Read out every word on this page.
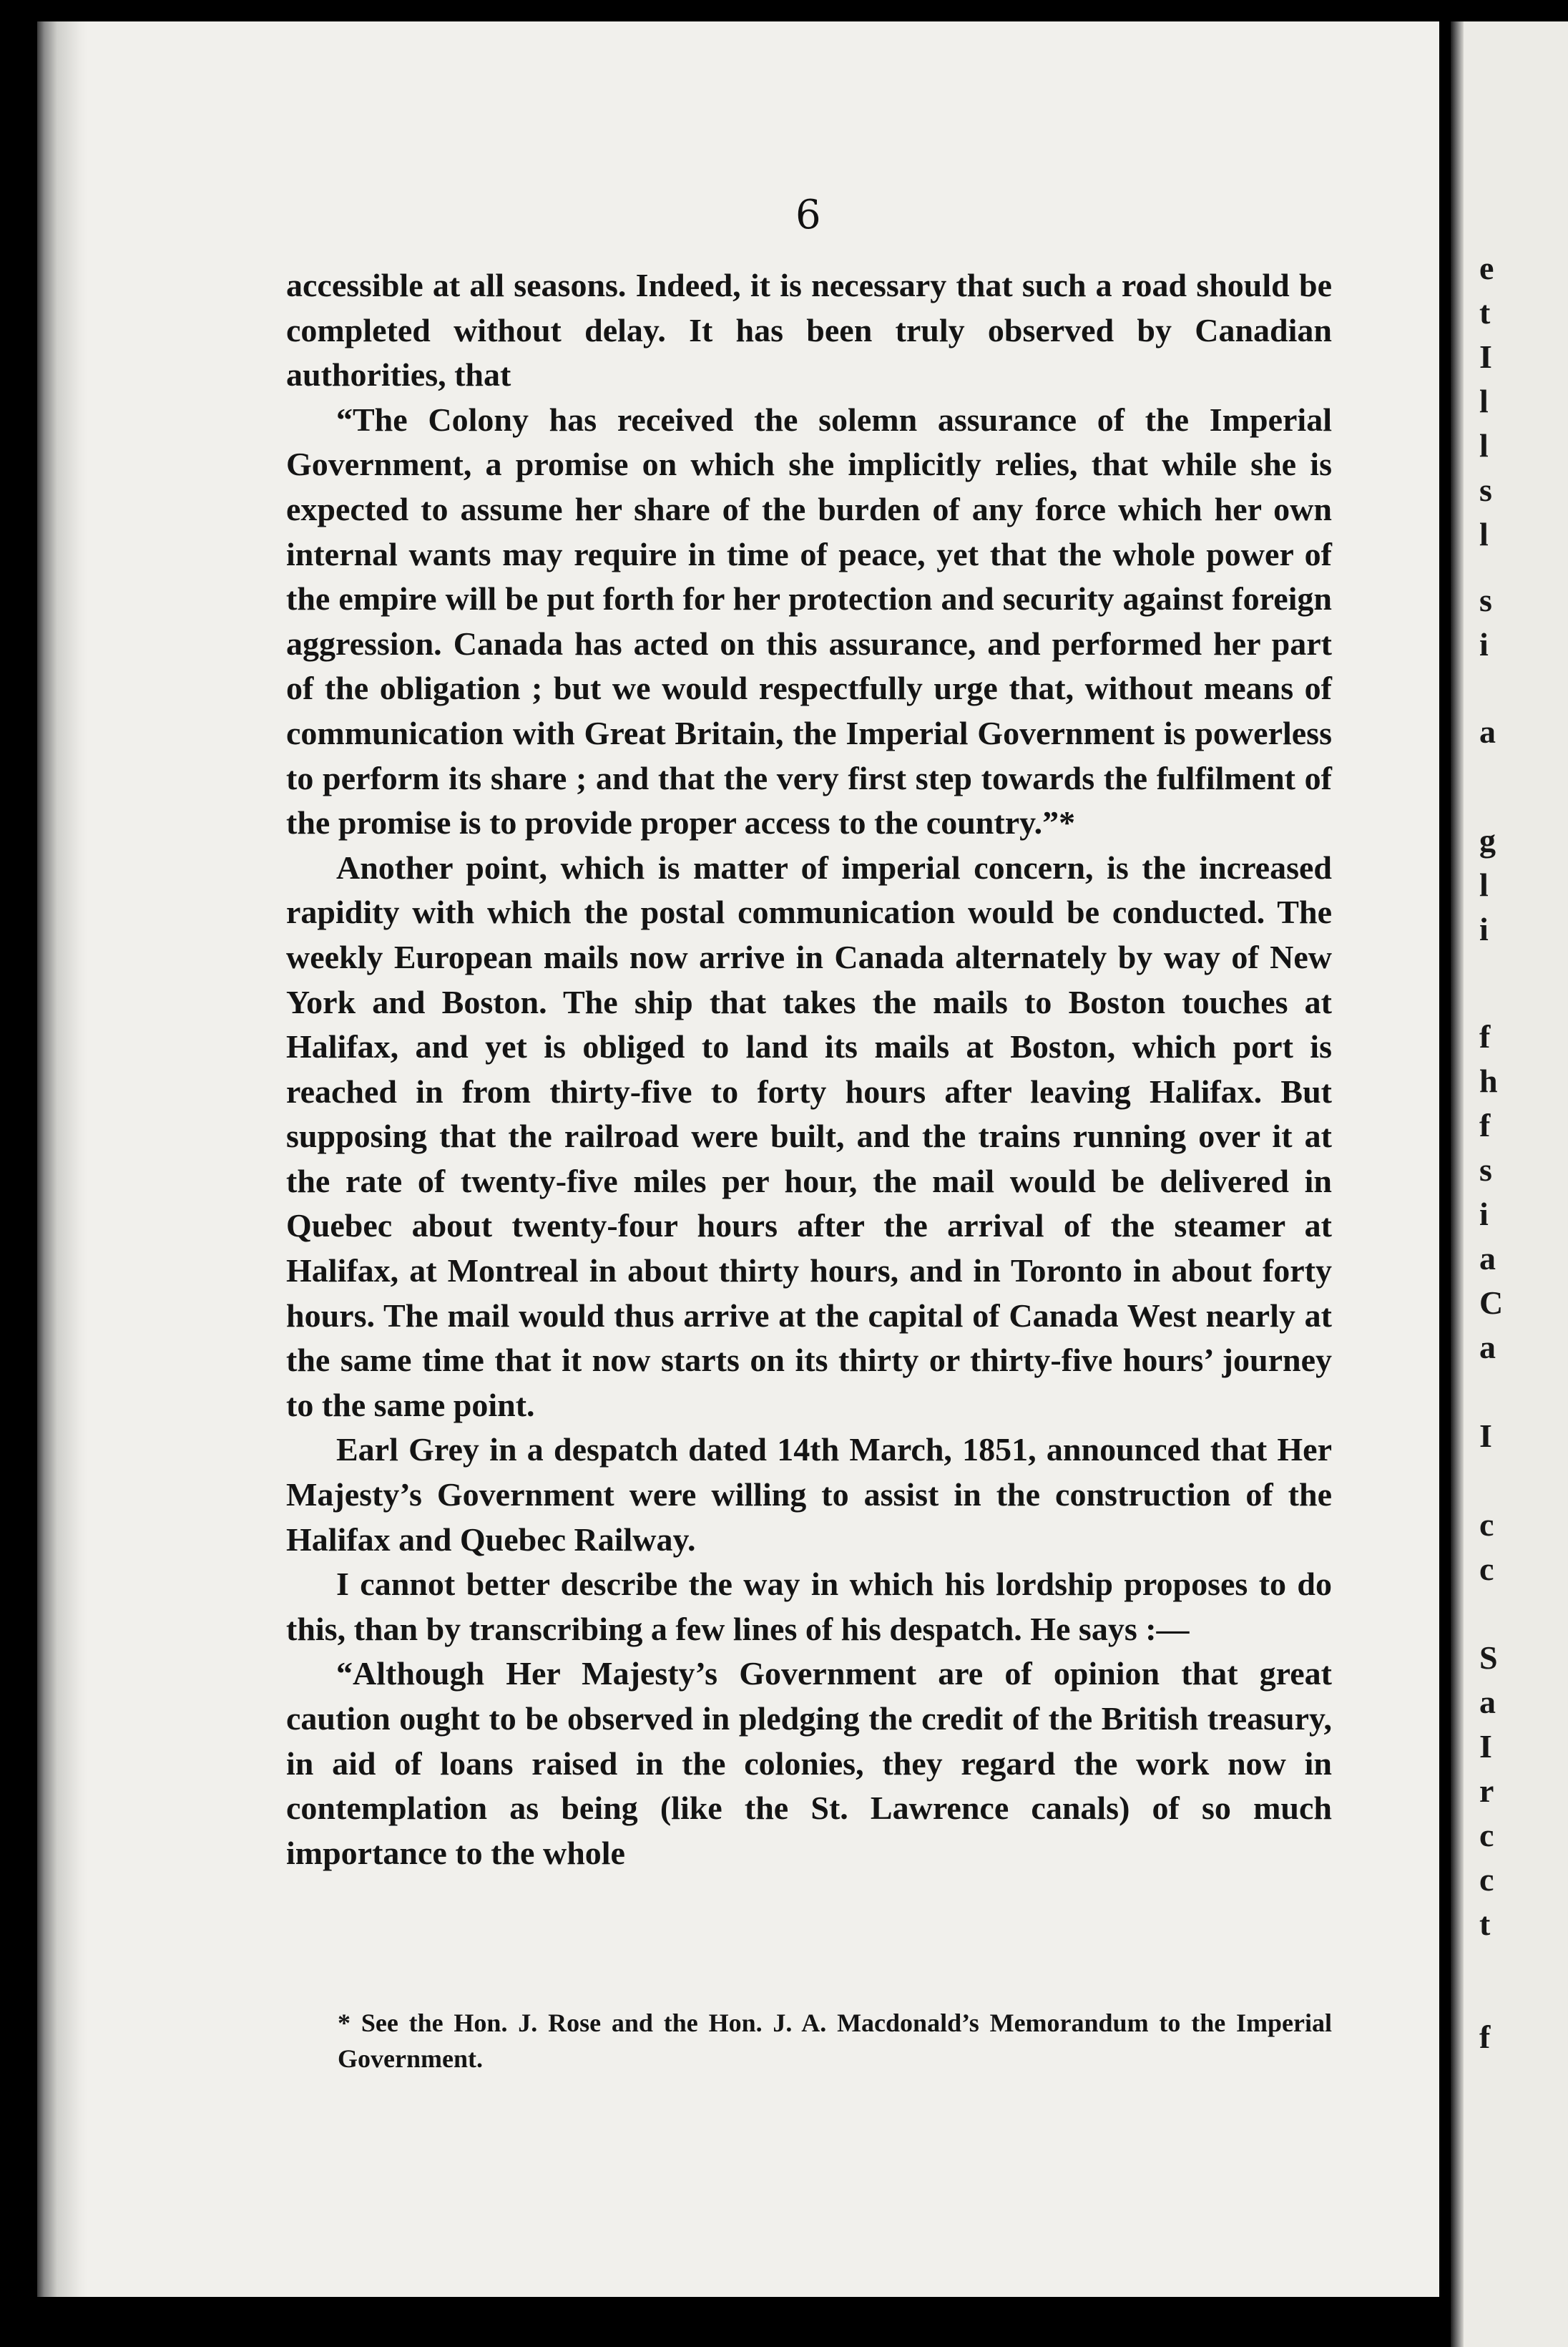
6

accessible at all seasons. Indeed, it is necessary that such a road should be completed without delay. It has been truly observed by Canadian authorities, that

“The Colony has received the solemn assurance of the Imperial Government, a promise on which she implicitly relies, that while she is expected to assume her share of the burden of any force which her own internal wants may require in time of peace, yet that the whole power of the empire will be put forth for her protection and security against foreign aggression. Canada has acted on this assurance, and performed her part of the obligation ; but we would respectfully urge that, without means of communication with Great Britain, the Imperial Government is powerless to perform its share ; and that the very first step towards the fulfilment of the promise is to provide proper access to the country.”*

Another point, which is matter of imperial concern, is the increased rapidity with which the postal communication would be conducted. The weekly European mails now arrive in Canada alternately by way of New York and Boston. The ship that takes the mails to Boston touches at Halifax, and yet is obliged to land its mails at Boston, which port is reached in from thirty-five to forty hours after leaving Halifax. But supposing that the railroad were built, and the trains running over it at the rate of twenty-five miles per hour, the mail would be delivered in Quebec about twenty-four hours after the arrival of the steamer at Halifax, at Montreal in about thirty hours, and in Toronto in about forty hours. The mail would thus arrive at the capital of Canada West nearly at the same time that it now starts on its thirty or thirty-five hours’ journey to the same point.

Earl Grey in a despatch dated 14th March, 1851, announced that Her Majesty’s Government were willing to assist in the construction of the Halifax and Quebec Railway.

I cannot better describe the way in which his lordship proposes to do this, than by transcribing a few lines of his despatch. He says :—

“Although Her Majesty’s Government are of opinion that great caution ought to be observed in pledging the credit of the British treasury, in aid of loans raised in the colonies, they regard the work now in contemplation as being (like the St. Lawrence canals) of so much importance to the whole

* See the Hon. J. Rose and the Hon. J. A. Macdonald’s Memorandum to the Imperial Government.
e
t
I
l
l
s
l
s
i
a
g
l
i
f
h
f
s
i
a
C
a
I
c
c
S
a
I
r
c
c
t
f
